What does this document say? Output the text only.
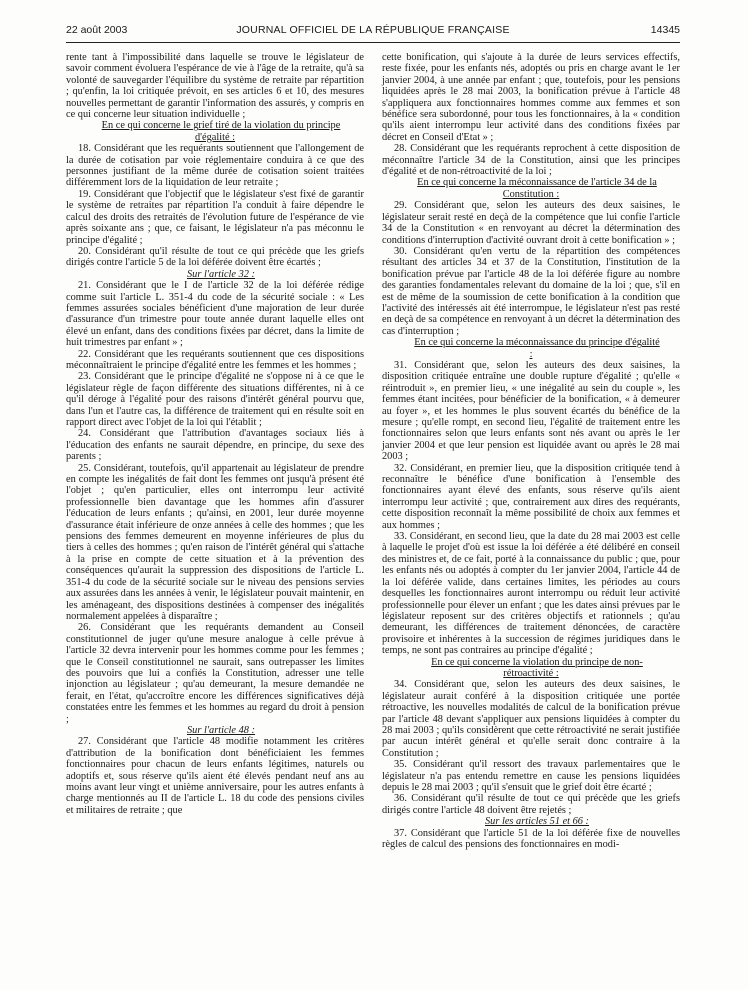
22 août 2003	JOURNAL OFFICIEL DE LA RÉPUBLIQUE FRANÇAISE	14345

rente tant à l'impossibilité dans laquelle se trouve le législateur de savoir comment évoluera l'espérance de vie à l'âge de la retraite, qu'à sa volonté de sauvegarder l'équilibre du système de retraite par répartition ; qu'enfin, la loi critiquée prévoit, en ses articles 6 et 10, des mesures nouvelles permettant de garantir l'information des assurés, y compris en ce qui concerne leur situation individuelle ;

En ce qui concerne le grief tiré de la violation du principe d'égalité :

18. Considérant que les requérants soutiennent que l'allongement de la durée de cotisation par voie réglementaire conduira à ce que des personnes justifiant de la même durée de cotisation soient traitées différemment lors de la liquidation de leur retraite ;

19. Considérant que l'objectif que le législateur s'est fixé de garantir le système de retraites par répartition l'a conduit à faire dépendre le calcul des droits des retraités de l'évolution future de l'espérance de vie après soixante ans ; que, ce faisant, le législateur n'a pas méconnu le principe d'égalité ;

20. Considérant qu'il résulte de tout ce qui précède que les griefs dirigés contre l'article 5 de la loi déférée doivent être écartés ;

Sur l'article 32 :

21. Considérant que le I de l'article 32 de la loi déférée rédige comme suit l'article L. 351-4 du code de la sécurité sociale : « Les femmes assurées sociales bénéficient d'une majoration de leur durée d'assurance d'un trimestre pour toute année durant laquelle elles ont élevé un enfant, dans des conditions fixées par décret, dans la limite de huit trimestres par enfant » ;

22. Considérant que les requérants soutiennent que ces dispositions méconnaîtraient le principe d'égalité entre les femmes et les hommes ;

23. Considérant que le principe d'égalité ne s'oppose ni à ce que le législateur règle de façon différente des situations différentes, ni à ce qu'il déroge à l'égalité pour des raisons d'intérêt général pourvu que, dans l'un et l'autre cas, la différence de traitement qui en résulte soit en rapport direct avec l'objet de la loi qui l'établit ;

24. Considérant que l'attribution d'avantages sociaux liés à l'éducation des enfants ne saurait dépendre, en principe, du sexe des parents ;

25. Considérant, toutefois, qu'il appartenait au législateur de prendre en compte les inégalités de fait dont les femmes ont jusqu'à présent été l'objet ; qu'en particulier, elles ont interrompu leur activité professionnelle bien davantage que les hommes afin d'assurer l'éducation de leurs enfants ; qu'ainsi, en 2001, leur durée moyenne d'assurance était inférieure de onze années à celle des hommes ; que les pensions des femmes demeurent en moyenne inférieures de plus du tiers à celles des hommes ; qu'en raison de l'intérêt général qui s'attache à la prise en compte de cette situation et à la prévention des conséquences qu'aurait la suppression des dispositions de l'article L. 351-4 du code de la sécurité sociale sur le niveau des pensions servies aux assurées dans les années à venir, le législateur pouvait maintenir, en les aménageant, des dispositions destinées à compenser des inégalités normalement appelées à disparaître ;

26. Considérant que les requérants demandent au Conseil constitutionnel de juger qu'une mesure analogue à celle prévue à l'article 32 devra intervenir pour les hommes comme pour les femmes ; que le Conseil constitutionnel ne saurait, sans outrepasser les limites des pouvoirs que lui a confiés la Constitution, adresser une telle injonction au législateur ; qu'au demeurant, la mesure demandée ne ferait, en l'état, qu'accroître encore les différences significatives déjà constatées entre les femmes et les hommes au regard du droit à pension ;

Sur l'article 48 :

27. Considérant que l'article 48 modifie notamment les critères d'attribution de la bonification dont bénéficiaient les femmes fonctionnaires pour chacun de leurs enfants légitimes, naturels ou adoptifs et, sous réserve qu'ils aient été élevés pendant neuf ans au moins avant leur vingt et unième anniversaire, pour les autres enfants à charge mentionnés au II de l'article L. 18 du code des pensions civiles et militaires de retraite ; que

cette bonification, qui s'ajoute à la durée de leurs services effectifs, reste fixée, pour les enfants nés, adoptés ou pris en charge avant le 1er janvier 2004, à une année par enfant ; que, toutefois, pour les pensions liquidées après le 28 mai 2003, la bonification prévue à l'article 48 s'appliquera aux fonctionnaires hommes comme aux femmes et son bénéfice sera subordonné, pour tous les fonctionnaires, à la « condition qu'ils aient interrompu leur activité dans des conditions fixées par décret en Conseil d'Etat » ;

28. Considérant que les requérants reprochent à cette disposition de méconnaître l'article 34 de la Constitution, ainsi que les principes d'égalité et de non-rétroactivité de la loi ;

En ce qui concerne la méconnaissance de l'article 34 de la Constitution :

29. Considérant que, selon les auteurs des deux saisines, le législateur serait resté en deçà de la compétence que lui confie l'article 34 de la Constitution « en renvoyant au décret la détermination des conditions d'interruption d'activité ouvrant droit à cette bonification » ;

30. Considérant qu'en vertu de la répartition des compétences résultant des articles 34 et 37 de la Constitution, l'institution de la bonification prévue par l'article 48 de la loi déférée figure au nombre des garanties fondamentales relevant du domaine de la loi ; que, s'il en est de même de la soumission de cette bonification à la condition que l'activité des intéressés ait été interrompue, le législateur n'est pas resté en deçà de sa compétence en renvoyant à un décret la détermination des cas d'interruption ;

En ce qui concerne la méconnaissance du principe d'égalité :

31. Considérant que, selon les auteurs des deux saisines, la disposition critiquée entraîne une double rupture d'égalité ; qu'elle « réintroduit », en premier lieu, « une inégalité au sein du couple », les femmes étant incitées, pour bénéficier de la bonification, « à demeurer au foyer », et les hommes le plus souvent écartés du bénéfice de la mesure ; qu'elle rompt, en second lieu, l'égalité de traitement entre les fonctionnaires selon que leurs enfants sont nés avant ou après le 1er janvier 2004 et que leur pension est liquidée avant ou après le 28 mai 2003 ;

32. Considérant, en premier lieu, que la disposition critiquée tend à reconnaître le bénéfice d'une bonification à l'ensemble des fonctionnaires ayant élevé des enfants, sous réserve qu'ils aient interrompu leur activité ; que, contrairement aux dires des requérants, cette disposition reconnaît la même possibilité de choix aux femmes et aux hommes ;

33. Considérant, en second lieu, que la date du 28 mai 2003 est celle à laquelle le projet d'où est issue la loi déférée a été délibéré en conseil des ministres et, de ce fait, porté à la connaissance du public ; que, pour les enfants nés ou adoptés à compter du 1er janvier 2004, l'article 44 de la loi déférée valide, dans certaines limites, les périodes au cours desquelles les fonctionnaires auront interrompu ou réduit leur activité professionnelle pour élever un enfant ; que les dates ainsi prévues par le législateur reposent sur des critères objectifs et rationnels ; qu'au demeurant, les différences de traitement dénoncées, de caractère provisoire et inhérentes à la succession de régimes juridiques dans le temps, ne sont pas contraires au principe d'égalité ;

En ce qui concerne la violation du principe de non-rétroactivité :

34. Considérant que, selon les auteurs des deux saisines, le législateur aurait conféré à la disposition critiquée une portée rétroactive, les nouvelles modalités de calcul de la bonification prévue par l'article 48 devant s'appliquer aux pensions liquidées à compter du 28 mai 2003 ; qu'ils considèrent que cette rétroactivité ne serait justifiée par aucun intérêt général et qu'elle serait donc contraire à la Constitution ;

35. Considérant qu'il ressort des travaux parlementaires que le législateur n'a pas entendu remettre en cause les pensions liquidées depuis le 28 mai 2003 ; qu'il s'ensuit que le grief doit être écarté ;

36. Considérant qu'il résulte de tout ce qui précède que les griefs dirigés contre l'article 48 doivent être rejetés ;

Sur les articles 51 et 66 :

37. Considérant que l'article 51 de la loi déférée fixe de nouvelles règles de calcul des pensions des fonctionnaires en modi-
